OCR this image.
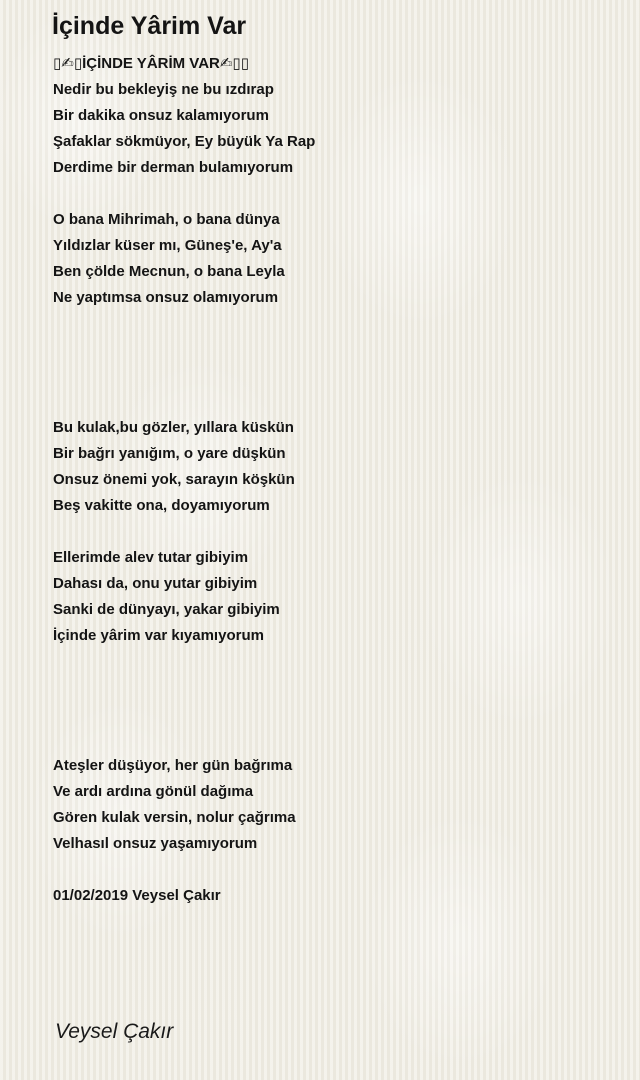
İçinde Yârim Var
▯✍▯İÇİNDE YÂRİM VAR✍▯▯
Nedir bu bekleyiş ne bu ızdırap
Bir dakika onsuz kalamıyorum
Şafaklar sökmüyor, Ey büyük Ya Rap
Derdime bir derman bulamıyorum
O bana Mihrimah, o bana dünya
Yıldızlar küser mı, Güneş'e, Ay'a
Ben çölde Mecnun, o bana Leyla
Ne yaptımsa onsuz olamıyorum
Bu kulak,bu gözler, yıllara küskün
Bir bağrı yanığım, o yare düşkün
Onsuz önemi yok, sarayın köşkün
Beş vakitte ona, doyamıyorum
Ellerimde alev tutar gibiyim
Dahası da, onu yutar gibiyim
Sanki de dünyayı, yakar gibiyim
İçinde yârim var kıyamıyorum
Ateşler düşüyor, her gün bağrıma
Ve ardı ardına gönül dağıma
Gören kulak versin, nolur çağrıma
Velhasıl onsuz yaşamıyorum
01/02/2019 Veysel Çakır
Veysel Çakır
